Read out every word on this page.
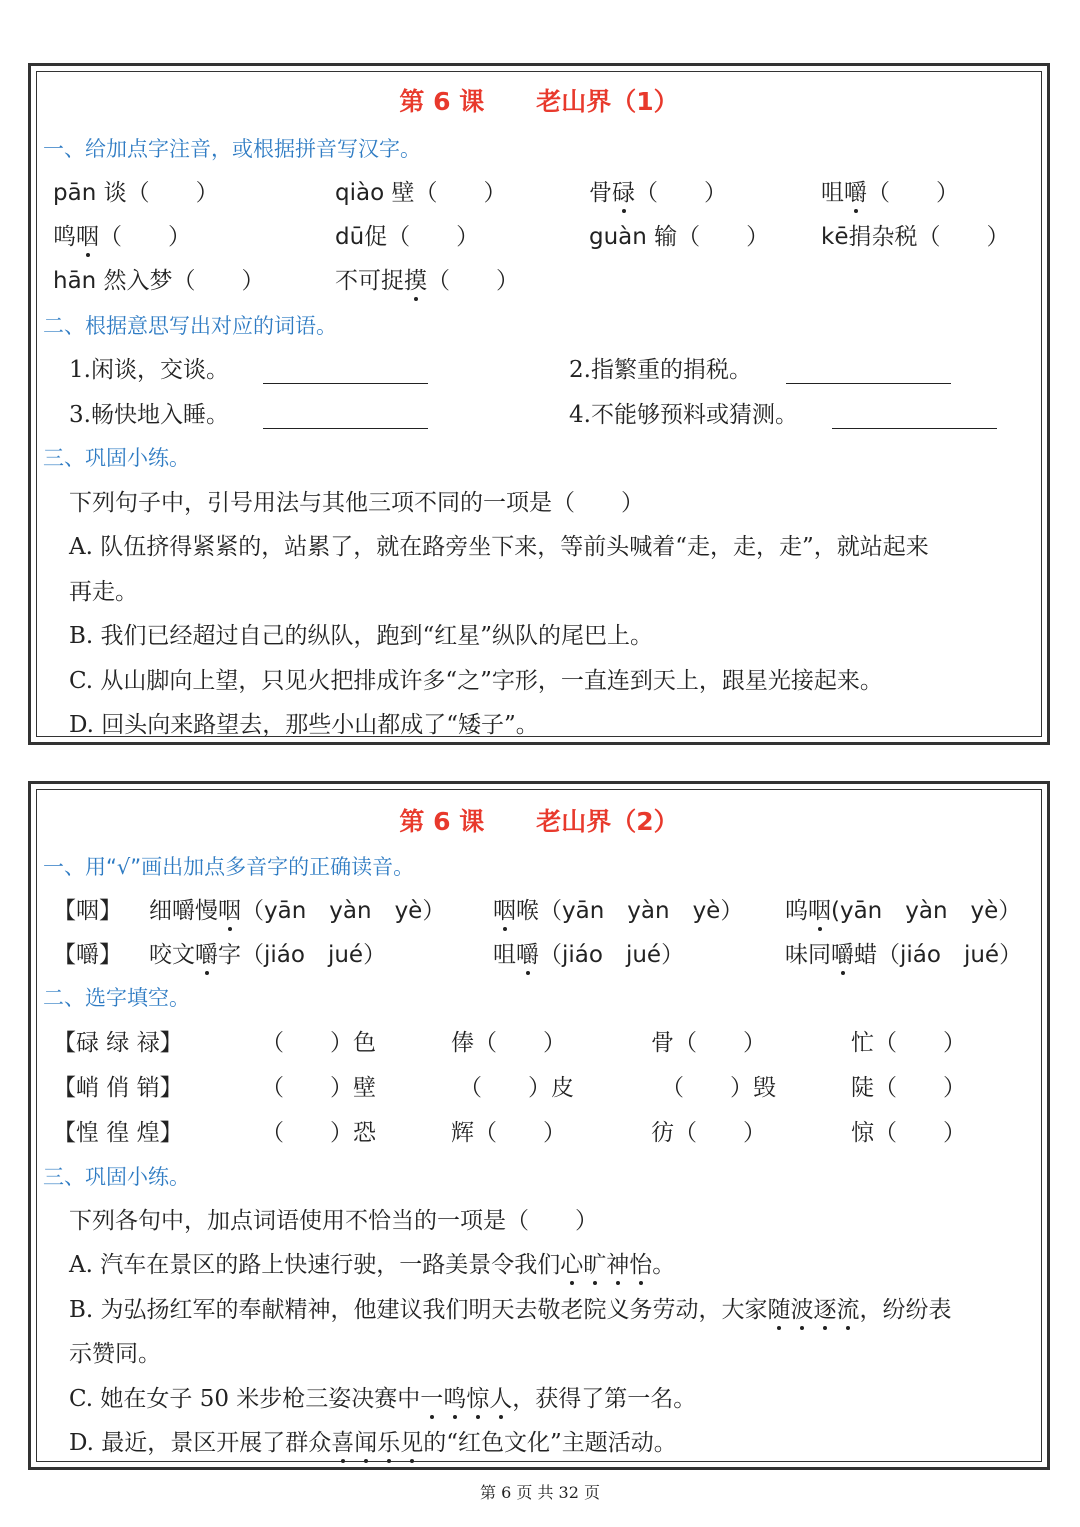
第 6 课 老山界（1）
一、给加点字注音，或根据拼音写汉字。
pān 谈（　　）	qiào 壁（　　）	骨碌（　　）	咀嚼（　　）
鸣咽（　　）	dū促（　　）	guàn 输（　　） kē捐杂税（　　）
hān 然入梦（　　）	不可捉摸（　　）
二、根据意思写出对应的词语。
1.闲谈，交谈。	2.指繁重的捐税。
3.畅快地入睡。	4.不能够预料或猜测。
三、巩固小练。
下列句子中，引号用法与其他三项不同的一项是（　　）
A. 队伍挤得紧紧的，站累了，就在路旁坐下来，等前头喊着“走，走，走”，就站起来
再走。
B. 我们已经超过自己的纵队，跑到“红星”纵队的尾巴上。
C. 从山脚向上望，只见火把排成许多“之”字形，一直连到天上，跟星光接起来。
D. 回头向来路望去，那些小山都成了“矮子”。
第 6 课 老山界（2）
一、用“√”画出加点多音字的正确读音。
【咽】 细嚼慢咽（yān　yàn　yè） 咽喉（yān　yàn　yè） 呜咽(yān　yàn　yè）
【嚼】 咬文嚼字（jiáo　jué）	咀嚼（jiáo　jué）	味同嚼蜡（jiáo　jué）
二、选字填空。
【碌 绿 禄】	（　　）色	俸（　　）	骨（　　）	忙（　　）
【峭 俏 销】	（　　）壁	（　　）皮	（　　）毁	陡（　　）
【惶 徨 煌】	（　　）恐	辉（　　）	彷（　　）	惊（　　）
三、巩固小练。
下列各句中，加点词语使用不恰当的一项是（　　）
A. 汽车在景区的路上快速行驶，一路美景令我们心旷神怡。
B. 为弘扬红军的奉献精神，他建议我们明天去敬老院义务劳动，大家随波逐流，纷纷表
示赞同。
C. 她在女子 50 米步枪三姿决赛中一鸣惊人，获得了第一名。
D. 最近，景区开展了群众喜闻乐见的“红色文化”主题活动。
第 6 页 共 32 页
